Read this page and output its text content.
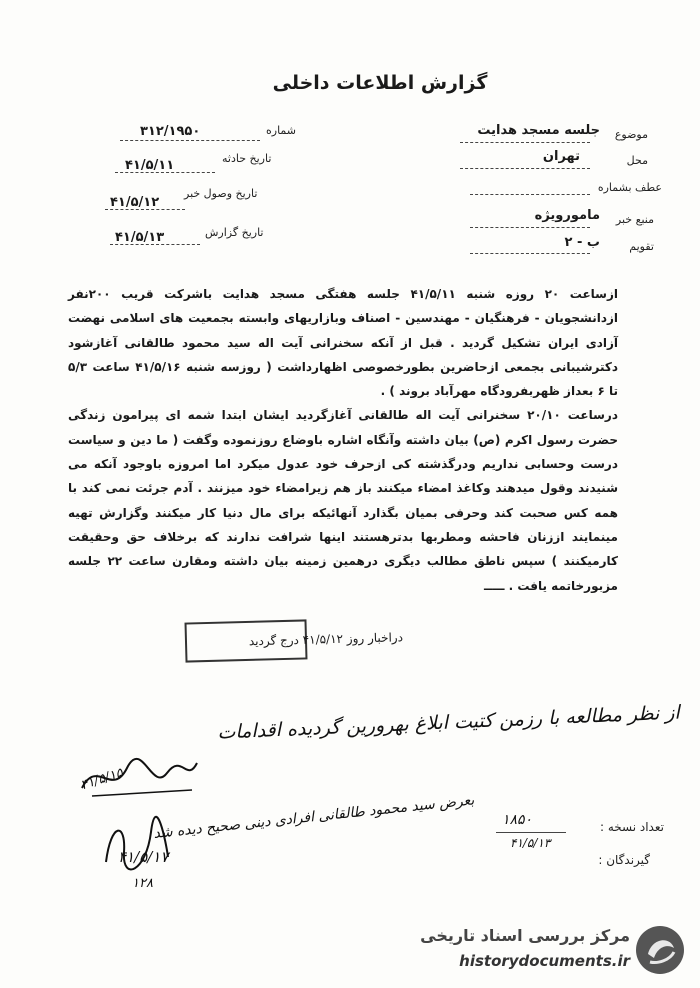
گزارش اطلاعات داخلی
موضوع
جلسه مسجد هدایت
محل
تهران
عطف بشماره
منبع خبر
مامورویژه
تقویم
ب - ۲
شماره
۳۱۲/۱۹۵۰
تاریخ حادثه
۴۱/۵/۱۱
تاریخ وصول خبر
۴۱/۵/۱۲
تاریخ گزارش
۴۱/۵/۱۳

ازساعت ۲۰ روزه شنبه ۴۱/۵/۱۱ جلسه هفتگی مسجد هدایت باشرکت قریب ۲۰۰نفر ازدانشجویان - فرهنگیان - مهندسین - اصناف وبازاریهای وابسته بجمعیت های اسلامی نهضت آزادی ایران تشکیل گردید . قبل از آنکه سخنرانی آیت اله سید محمود طالقانی آغازشود دکترشیبانی بجمعی ازحاضرین بطورخصوصی اظهارداشت ( روزسه شنبه ۴۱/۵/۱۶ ساعت ۵/۳ تا ۶ بعداز ظهربفرودگاه مهرآباد بروند ) .

درساعت ۲۰/۱۰ سخنرانی آیت اله طالقانی آغازگردید ایشان ابتدا شمه ای پیرامون زندگی حضرت رسول اکرم (ص) بیان داشته وآنگاه اشاره باوضاع روزنموده وگفت ( ما دین و سیاست درست وحسابی نداریم ودرگذشته کی ازحرف خود عدول میکرد اما امروزه باوجود آنکه می شنیدند وقول میدهند وکاغذ امضاء میکنند باز هم زیرامضاء خود میزنند . آدم جرئت نمی کند با همه کس صحبت کند وحرفی بمیان بگذارد آنهائیکه برای مال دنیا کار میکنند وگزارش تهیه مینمایند اززنان فاحشه ومطربها بدترهستند اینها شرافت ندارند که برخلاف حق وحقیقت کارمیکنند ) سپس ناطق مطالب دیگری درهمین زمینه بیان داشته ومقارن ساعت ۲۲ جلسه مزبورخاتمه یافت . ـــــ

دراخبار روز ۴۱/۵/۱۲ درج گردید
از نظر مطالعه با رزمن کتیت ابلاغ بهرورین گردیده اقدامات
۴۱/۵/۱۵
بعرض سید محمود طالقانی افرادی دینی صحیح دیده شد
۴۱/۵/۱۷
۱۲۸
تعداد نسخه :
۱۸۵۰
۴۱/۵/۱۳
گیرندگان :
مرکز بررسی اسناد تاریخی
historydocuments.ir
